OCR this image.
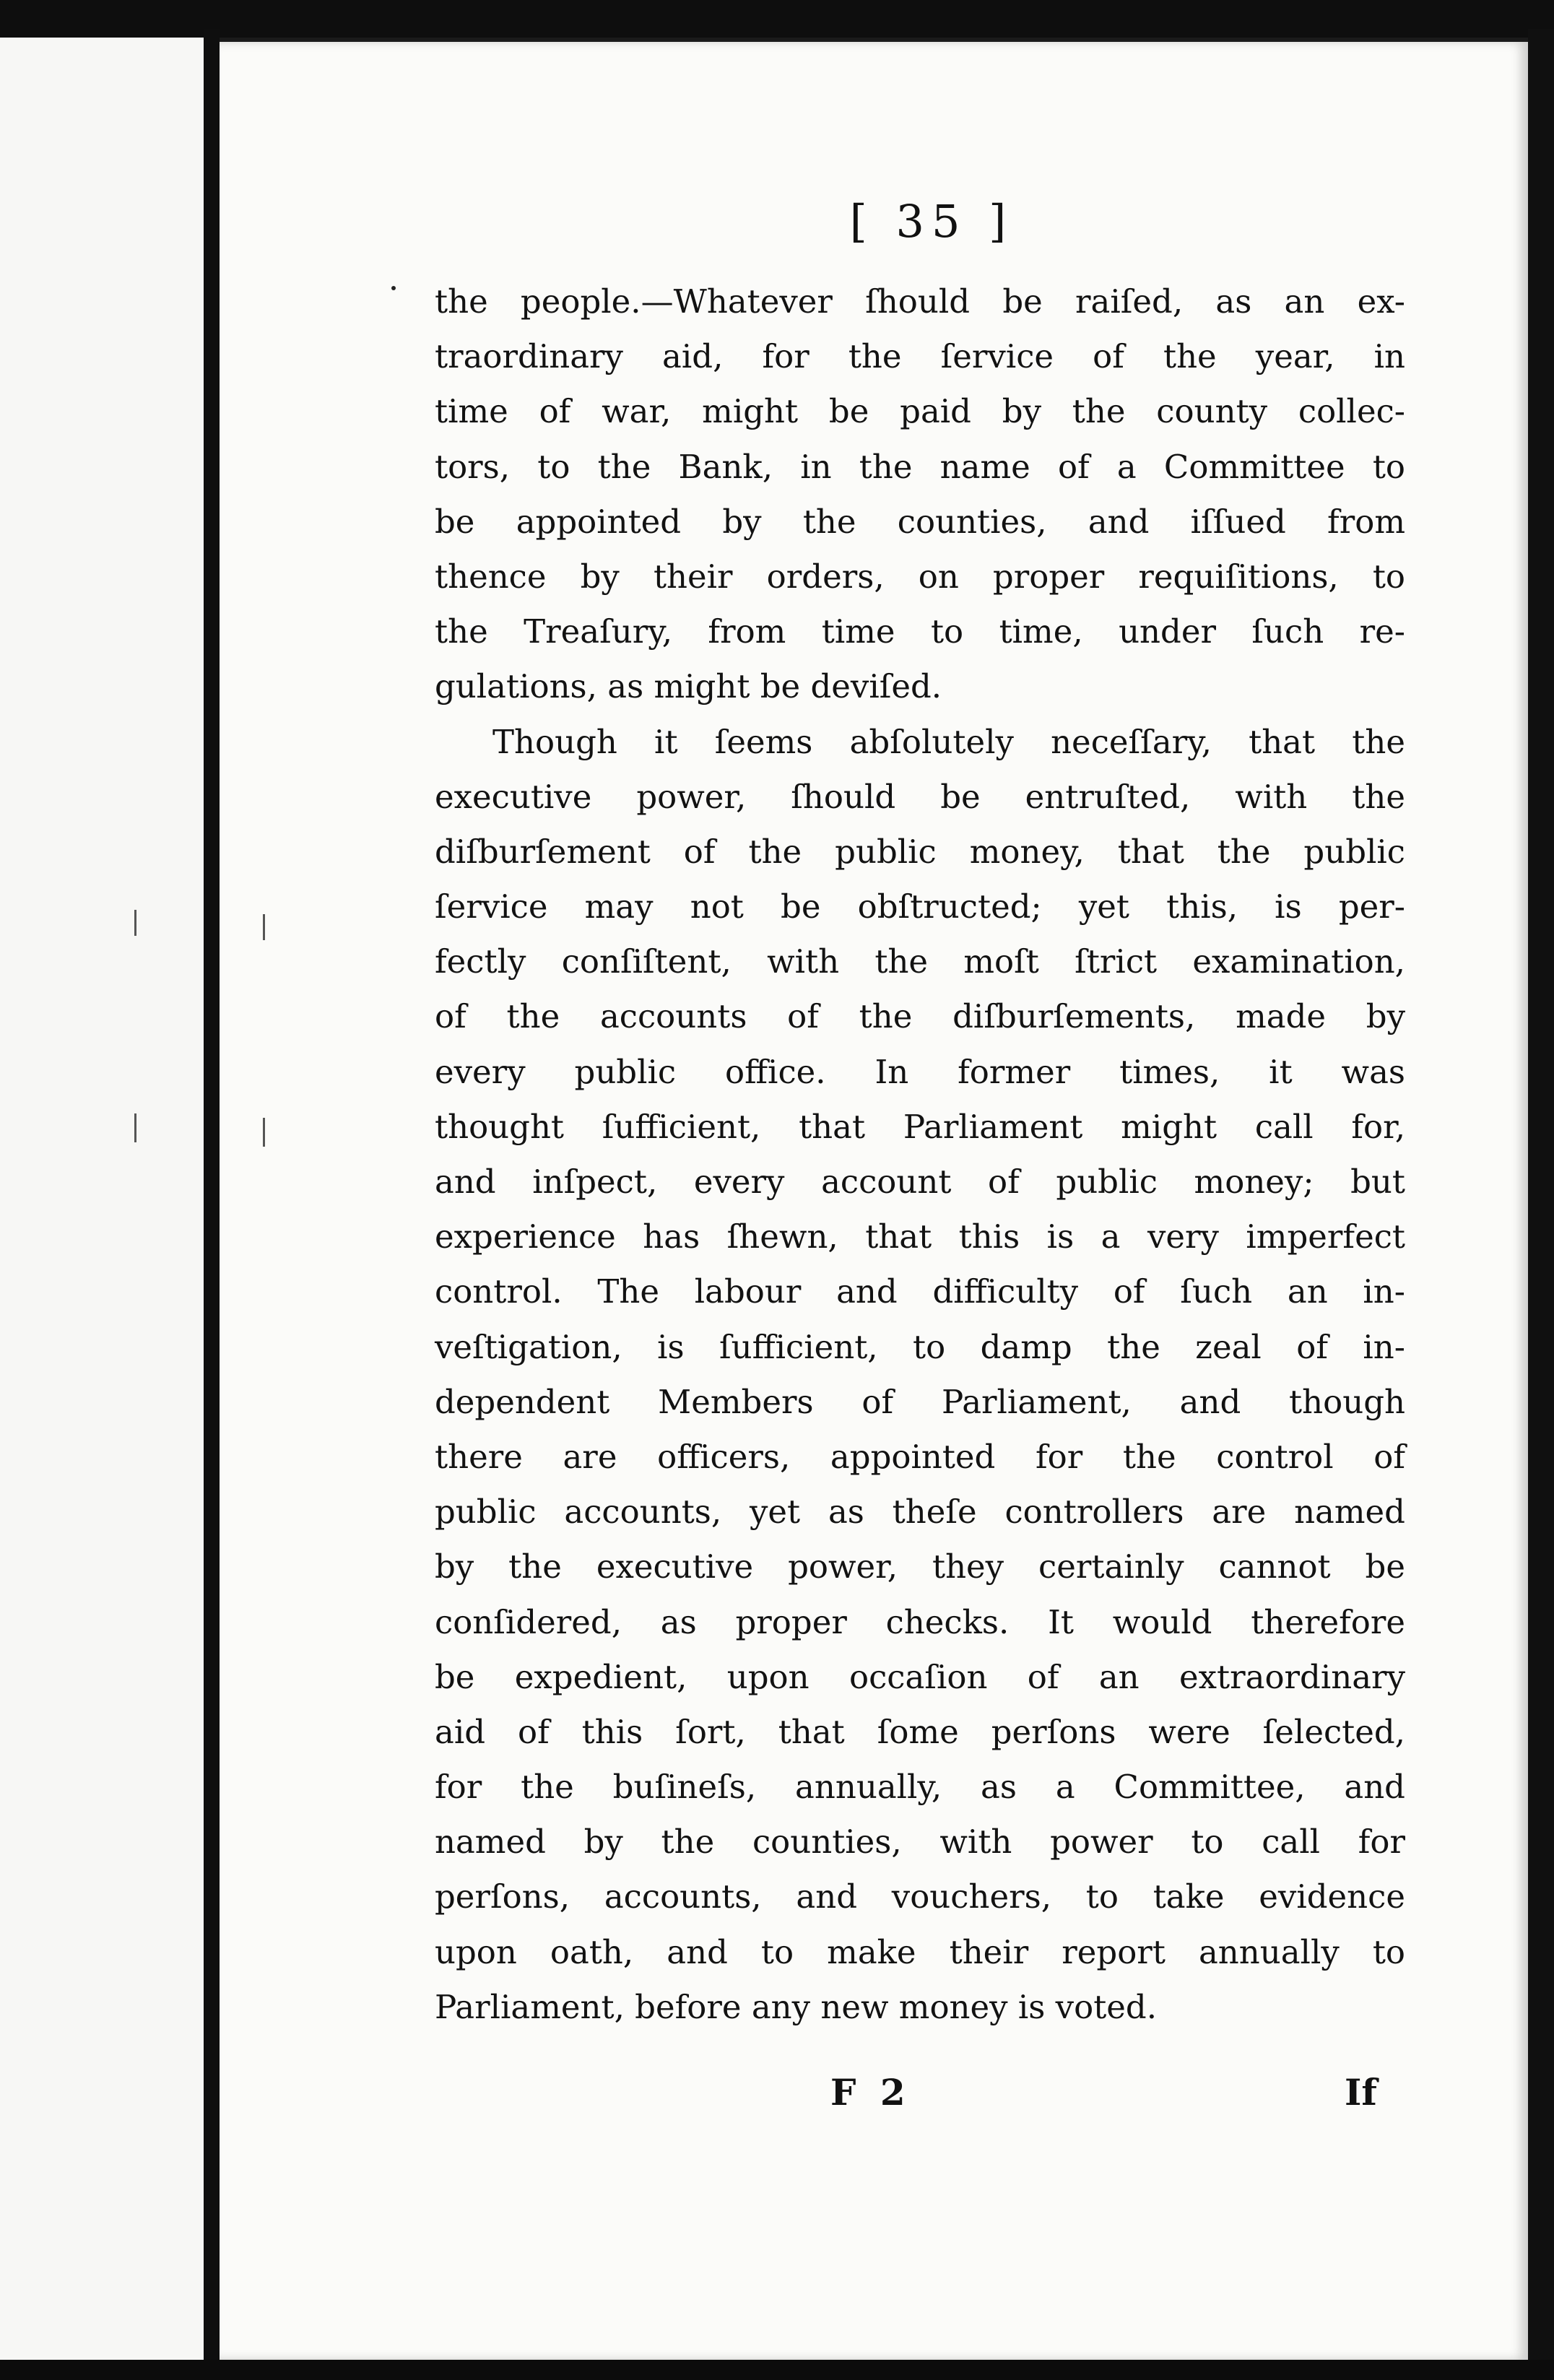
[ 35 ]
the people.—Whatever ſhould be raiſed, as an ex-
traordinary aid, for the ſervice of the year, in
time of war, might be paid by the county collec-
tors, to the Bank, in the name of a Committee to
be appointed by the counties, and iſſued from
thence by their orders, on proper requiſitions, to
the Treaſury, from time to time, under ſuch re-
gulations, as might be deviſed.
Though it ſeems abſolutely neceſſary, that the
executive power, ſhould be entruſted, with the
diſburſement of the public money, that the public
ſervice may not be obſtructed; yet this, is per-
fectly conſiſtent, with the moſt ſtrict examination,
of the accounts of the diſburſements, made by
every public office. In former times, it was
thought ſufficient, that Parliament might call for,
and inſpect, every account of public money; but
experience has ſhewn, that this is a very imperfect
control. The labour and difficulty of ſuch an in-
veſtigation, is ſufficient, to damp the zeal of in-
dependent Members of Parliament, and though
there are officers, appointed for the control of
public accounts, yet as theſe controllers are named
by the executive power, they certainly cannot be
conſidered, as proper checks. It would therefore
be expedient, upon occaſion of an extraordinary
aid of this ſort, that ſome perſons were ſelected,
for the buſineſs, annually, as a Committee, and
named by the counties, with power to call for
perſons, accounts, and vouchers, to take evidence
upon oath, and to make their report annually to
Parliament, before any new money is voted.
F 2	If
